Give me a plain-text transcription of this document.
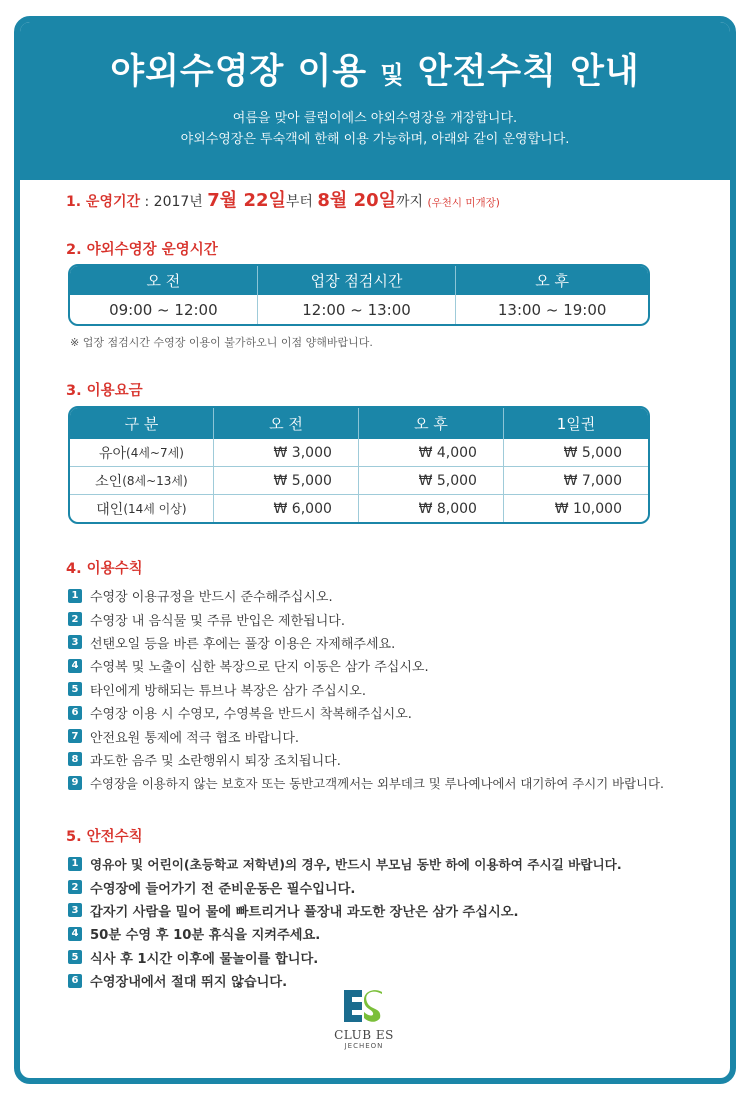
야외수영장 이용 및 안전수칙 안내
여름을 맞아 클럽이에스 야외수영장을 개장합니다.
야외수영장은 투숙객에 한해 이용 가능하며, 아래와 같이 운영합니다.
1. 운영기간 : 2017년 7월 22일부터 8월 20일까지 (우천시 미개장)
2. 야외수영장 운영시간
오 전	업장 점검시간	오 후
09:00 ~ 12:00	12:00 ~ 13:00	13:00 ~ 19:00
※ 업장 점검시간 수영장 이용이 불가하오니 이점 양해바랍니다.
3. 이용요금
구 분	오 전	오 후	1일권
유아 (4세~7세)	₩ 3,000	₩ 4,000	₩ 5,000
소인 (8세~13세)	₩ 5,000	₩ 5,000	₩ 7,000
대인 (14세 이상)	₩ 6,000	₩ 8,000	₩ 10,000
4. 이용수칙
1 수영장 이용규정을 반드시 준수해주십시오.
2 수영장 내 음식물 및 주류 반입은 제한됩니다.
3 선탠오일 등을 바른 후에는 풀장 이용은 자제해주세요.
4 수영복 및 노출이 심한 복장으로 단지 이동은 삼가 주십시오.
5 타인에게 방해되는 튜브나 복장은 삼가 주십시오.
6 수영장 이용 시 수영모, 수영복을 반드시 착복해주십시오.
7 안전요원 통제에 적극 협조 바랍니다.
8 과도한 음주 및 소란행위시 퇴장 조치됩니다.
9 수영장을 이용하지 않는 보호자 또는 동반고객께서는 외부데크 및 루나예나에서 대기하여 주시기 바랍니다.
5. 안전수칙
1 영유아 및 어린이(초등학교 저학년)의 경우, 반드시 부모님 동반 하에 이용하여 주시길 바랍니다.
2 수영장에 들어가기 전 준비운동은 필수입니다.
3 갑자기 사람을 밀어 물에 빠트리거나 풀장내 과도한 장난은 삼가 주십시오.
4 50분 수영 후 10분 휴식을 지켜주세요.
5 식사 후 1시간 이후에 물놀이를 합니다.
6 수영장내에서 절대 뛰지 않습니다.
CLUB ES
JECHEON
